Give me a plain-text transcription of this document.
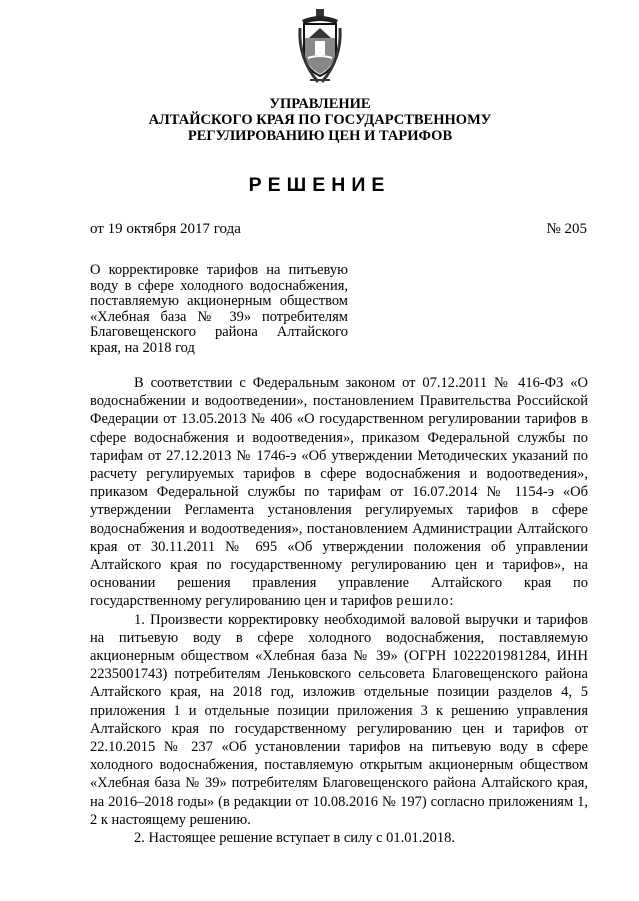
УПРАВЛЕНИЕ
АЛТАЙСКОГО КРАЯ ПО ГОСУДАРСТВЕННОМУ
РЕГУЛИРОВАНИЮ ЦЕН И ТАРИФОВ
РЕШЕНИЕ
от 19 октября 2017 года	№ 205
О корректировке тарифов на питьевую воду в сфере холодного водоснабжения, поставляемую акционерным обществом «Хлебная база № 39» потребителям Благовещенского района Алтайского края, на 2018 год

В соответствии с Федеральным законом от 07.12.2011 № 416-ФЗ «О водоснабжении и водоотведении», постановлением Правительства Российской Федерации от 13.05.2013 № 406 «О государственном регулировании тарифов в сфере водоснабжения и водоотведения», приказом Федеральной службы по тарифам от 27.12.2013 № 1746-э «Об утверждении Методических указаний по расчету регулируемых тарифов в сфере водоснабжения и водоотведения», приказом Федеральной службы по тарифам от 16.07.2014 № 1154-э «Об утверждении Регламента установления регулируемых тарифов в сфере водоснабжения и водоотведения», постановлением Администрации Алтайского края от 30.11.2011 № 695 «Об утверждении положения об управлении Алтайского края по государственному регулированию цен и тарифов», на основании решения правления управление Алтайского края по государственному регулированию цен и тарифов решило:

1. Произвести корректировку необходимой валовой выручки и тарифов на питьевую воду в сфере холодного водоснабжения, поставляемую акционерным обществом «Хлебная база № 39» (ОГРН 1022201981284, ИНН 2235001743) потребителям Леньковского сельсовета Благовещенского района Алтайского края, на 2018 год, изложив отдельные позиции разделов 4, 5 приложения 1 и отдельные позиции приложения 3 к решению управления Алтайского края по государственному регулированию цен и тарифов от 22.10.2015 № 237 «Об установлении тарифов на питьевую воду в сфере холодного водоснабжения, поставляемую открытым акционерным обществом «Хлебная база № 39» потребителям Благовещенского района Алтайского края, на 2016–2018 годы» (в редакции от 10.08.2016 № 197) согласно приложениям 1, 2 к настоящему решению.

2. Настоящее решение вступает в силу с 01.01.2018.
